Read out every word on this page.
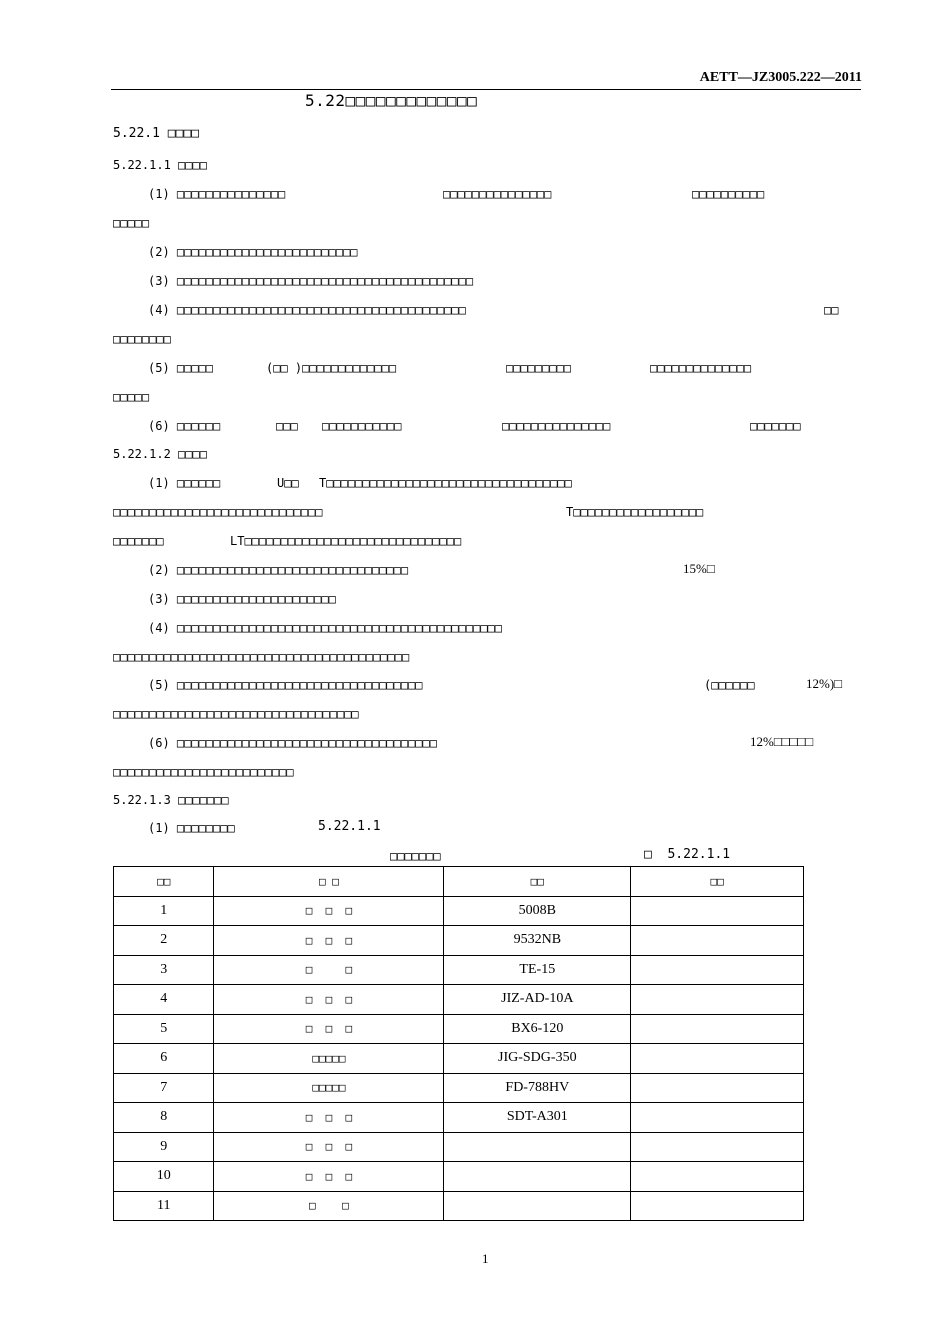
AETT—JZ3005.222—2011
5.22□□□□□□□□□□□□□
5.22.1 □□□□
5.22.1.1 □□□□
(1) □□□□□□□□□□□□□□□	□□□□□□□□□□□□□□□	□□□□□□□□□□
□□□□□
(2) □□□□□□□□□□□□□□□□□□□□□□□□□
(3) □□□□□□□□□□□□□□□□□□□□□□□□□□□□□□□□□□□□□□□□□
(4) □□□□□□□□□□□□□□□□□□□□□□□□□□□□□□□□□□□□□□□□	□□
□□□□□□□□
(5) □□□□□	(□□ )□□□□□□□□□□□□□	□□□□□□□□□	□□□□□□□□□□□□□□
□□□□□
(6) □□□□□□	□□□ □□□□□□□□□□□	□□□□□□□□□□□□□□□	□□□□□□□
5.22.1.2 □□□□
(1) □□□□□□	U□□ T□□□□□□□□□□□□□□□□□□□□□□□□□□□□□□□□□□
□□□□□□□□□□□□□□□□□□□□□□□□□□□□□	T□□□□□□□□□□□□□□□□□□
□□□□□□□	LT□□□□□□□□□□□□□□□□□□□□□□□□□□□□□□
(2) □□□□□□□□□□□□□□□□□□□□□□□□□□□□□□□□	15%□
(3) □□□□□□□□□□□□□□□□□□□□□□
(4) □□□□□□□□□□□□□□□□□□□□□□□□□□□□□□□□□□□□□□□□□□□□□
□□□□□□□□□□□□□□□□□□□□□□□□□□□□□□□□□□□□□□□□□
(5) □□□□□□□□□□□□□□□□□□□□□□□□□□□□□□□□□□	(□□□□□□	12%)□
□□□□□□□□□□□□□□□□□□□□□□□□□□□□□□□□□□
(6) □□□□□□□□□□□□□□□□□□□□□□□□□□□□□□□□□□□□	12%□□□□□
□□□□□□□□□□□□□□□□□□□□□□□□□
5.22.1.3 □□□□□□□
(1) □□□□□□□□	5.22.1.1
□□□□□□□	□  5.22.1.1
□□	□ □	□□	□□
1	□  □  □	5008B	
2	□  □  □	9532NB	
3	□     □	TE-15	
4	□  □  □	JIZ-AD-10A	
5	□  □  □	BX6-120	
6	□□□□□	JIG-SDG-350	
7	□□□□□	FD-788HV	
8	□  □  □	SDT-A301	
9	□  □  □		
10	□  □  □		
11	□    □		
1
